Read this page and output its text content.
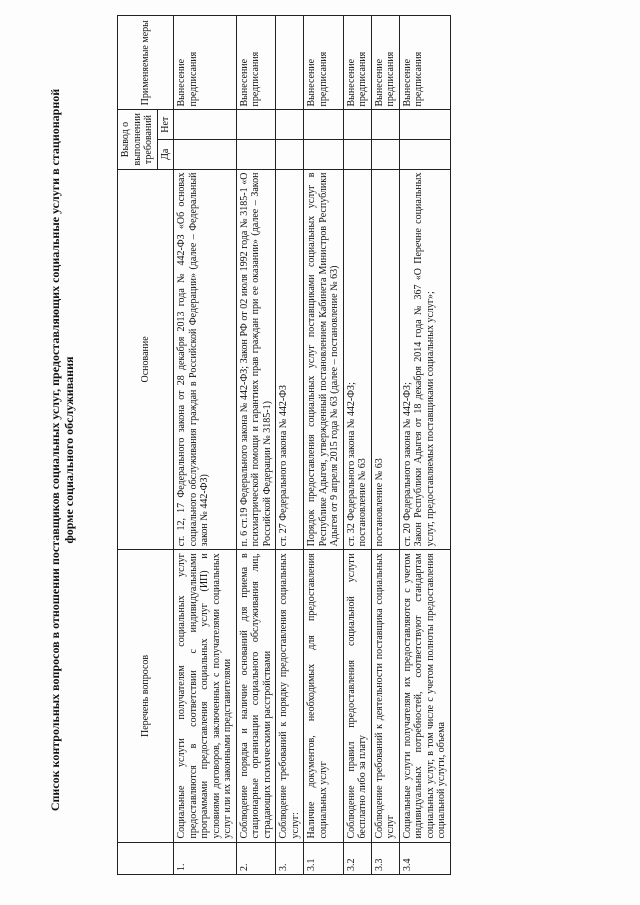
Список контрольных вопросов в отношении поставщиков социальных услуг, предоставляющих социальные услуги в стационарной форме социального обслуживания
	Перечень вопросов	Основание	Вывод о выполнении требований		Применяемые меры
			Да	Нет	
1.	Социальные услуги получателям социальных услуг предоставляются в соответствии с индивидуальными программами предоставления социальных услуг (ИП) и условиями договоров, заключенных с получателями социальных услуг или их законными представителями	ст. 12, 17 Федерального закона от 28 декабря 2013 года № 442-ФЗ «Об основах социального обслуживания граждан в Российской Федерации» (далее – Федеральный закон № 442-ФЗ)			Вынесение предписания
2.	Соблюдение порядка и наличие оснований для приема в стационарные организации социального обслуживания лиц, страдающих психическими расстройствами	п. 6 ст.19 Федерального закона № 442-ФЗ; Закон РФ от 02 июля 1992 года № 3185-1 «О психиатрической помощи и гарантиях прав граждан при ее оказании» (далее – Закон Российской Федерации № 3185-1)			Вынесение предписания
3.	Соблюдение требований к порядку предоставления социальных услуг:	ст. 27 Федерального закона № 442-ФЗ			
3.1	Наличие документов, необходимых для предоставления социальных услуг	Порядок предоставления социальных услуг поставщиками социальных услуг в Республике Адыгея, утвержденный постановлением Кабинета Министров Республики Адыгея от 9 апреля 2015 года № 63 (далее – постановление № 63)			Вынесение предписания
3.2	Соблюдение правил предоставления социальной услуги бесплатно либо за плату	ст. 32 Федерального закона № 442-ФЗ; постановление № 63			Вынесение предписания
3.3	Соблюдение требований к деятельности поставщика социальных услуг	постановление № 63			Вынесение предписания
3.4	Социальные услуги получателям их предоставляются с учетом индивидуальных потребностей, соответствуют стандартам социальных услуг, в том числе с учетом полноты предоставления социальной услуги, объема	ст. 20 Федерального закона № 442-ФЗ; Закон Республики Адыгея от 18 декабря 2014 года № 367 «О Перечне социальных услуг, предоставляемых поставщиками социальных услуг»;			Вынесение предписания
